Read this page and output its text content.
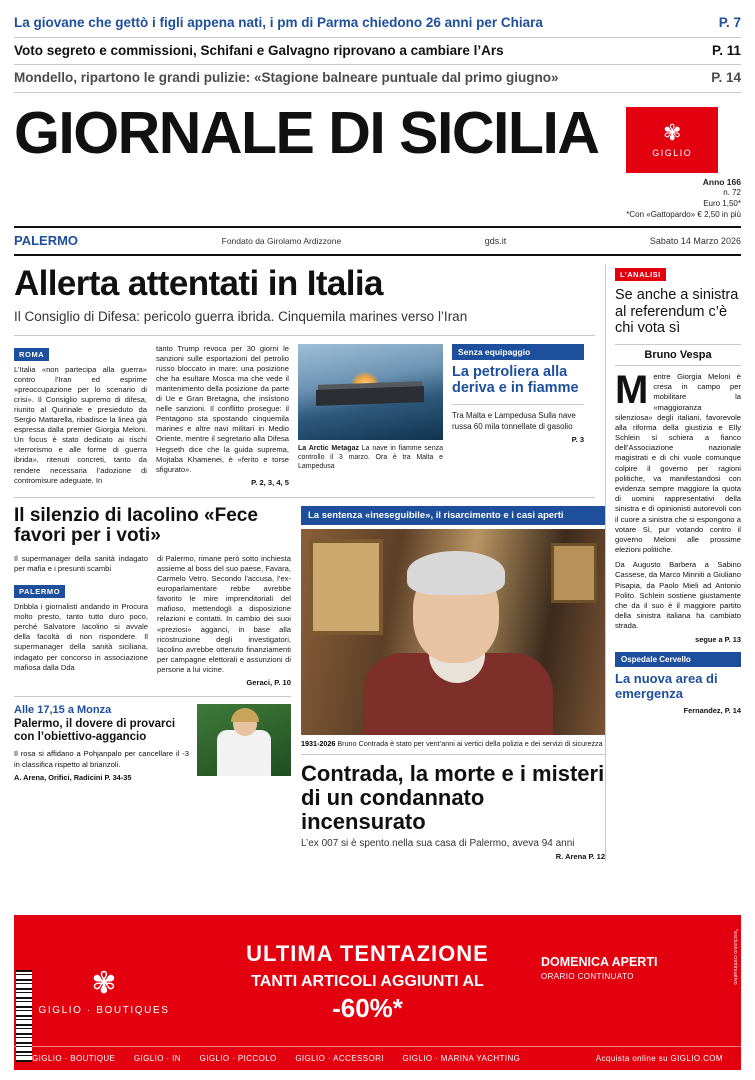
La giovane che gettò i figli appena nati, i pm di Parma chiedono 26 anni per Chiara	P. 7
Voto segreto e commissioni, Schifani e Galvagno riprovano a cambiare l’Ars	P. 11
Mondello, ripartono le grandi pulizie: «Stagione balneare puntuale dal primo giugno»	P. 14
GIORNALE DI SICILIA	✾
GIGLIO
Anno 166
n. 72
Euro 1,50*
*Con «Gattopardo» € 2,50 in più
PALERMO	Fondato da Girolamo Ardizzone	gds.it	Sabato 14 Marzo 2026
Allerta attentati in Italia
Il Consiglio di Difesa: pericolo guerra ibrida. Cinquemila marines verso l’Iran
ROMA
L’Italia «non partecipa alla guerra» contro l’Iran ed esprime «preoccupazione per lo scenario di crisi». Il Consiglio supremo di difesa, riunito al Quirinale e presieduto da Sergio Mattarella, ribadisce la linea già espressa dalla premier Giorgia Meloni. Un focus è stato dedicato ai rischi «terrorismo e alle forme di guerra ibrida», ritenuti concreti, tanto da rendere necessaria l’adozione di contromisure adeguate. In
tanto Trump revoca per 30 giorni le sanzioni sulle esportazioni del petrolio russo bloccato in mare: una posizione che ha esultare Mosca ma che vede il mantenimento della posizione da parte di Ue e Gran Bretagna, che insistono nelle sanzioni. Il conflitto prosegue: il Pentagono sta spostando cinquemila marines e altre navi militari in Medio Oriente, mentre il segretario alla Difesa Hegseth dice che la guida suprema, Mojtaba Khamenei, è «ferito e torse sfigurato».
P. 2, 3, 4, 5
La Arctic Metagaz La nave in fiamme senza controllo il 3 marzo. Ora è tra Malta e Lampedusa
Senza equipaggio
La petroliera alla deriva e in fiamme
Tra Malta e Lampedusa Sulla nave russa 60 mila tonnellate di gasolio
P. 3
Il silenzio di Iacolino «Fece favori per i voti»
Il supermanager della sanità indagato per mafia e i presunti scambi
PALERMO
Dribbla i giornalisti andando in Procura molto presto, tanto tutto duro poco, perché Salvatore Iacolino si avvale della facoltà di non rispondere. Il supermanager della sanità siciliana, indagato per concorso in associazione mafiosa dalla Dda
di Palermo, rimane però sotto inchiesta assieme al boss del suo paese, Favara, Carmelo Vetro. Secondo l’accusa, l’ex-europarlamentare rebbe avrebbe favorito le mire imprenditoriali del mafioso, mettendogli a disposizione relazioni e contatti. In cambio dei suoi «preziosi» agganci, in base alla ricostruzione degli investigatori, Iacolino avrebbe ottenuto finanziamenti per campagne elettorali e assunzioni di persone a lui vicine.
Geraci, P. 10
Alle 17,15 a Monza
Palermo, il dovere di provarci con l’obiettivo-aggancio
Il rosa si affidano a Pohjanpalo per cancellare il -3 in classifica rispetto al brianzoli.
A. Arena, Orifici, Radicini P. 34-35
La sentenza «ineseguibile», il risarcimento e i casi aperti
1931-2026 Bruno Contrada è stato per vent’anni ai vertici della polizia e dei servizi di sicurezza
Contrada, la morte e i misteri di un condannato incensurato
L’ex 007 si è spento nella sua casa di Palermo, aveva 94 anni
R. Arena P. 12
L’ANALISI
Se anche a sinistra al referendum c’è chi vota sì
Bruno Vespa
M entre Giorgia Meloni è cresa in campo per mobilitare la «maggioranza silenziosa» degli italiani, favorevole alla riforma della giustizia e Elly Schlein si schiera a fianco dell’Associazione nazionale magistrati e di chi vuole comunque colpire il governo per ragioni politiche, va manifestandosi con evidenza sempre maggiore la quota di uomini rappresentativi della sinistra e di opinionisti autorevoli con il cuore a sinistra che si espongono a votare Sì, pur votando contro il governo Meloni alle prossime elezioni politiche.
Da Augusto Barbera a Sabino Cassese, da Marco Minniti a Giuliano Pisapia, da Paolo Mieli ad Antonio Polito. Schlein sostiene giustamente che da il suo è il maggiore partito della sinistra italiana ha cambiato strada.
segue a P. 13
Ospedale Cervello
La nuova area di emergenza
Fernandez, P. 14
✾
GIGLIO · BOUTIQUES
ULTIMA TENTAZIONE
TANTI ARTICOLI AGGIUNTI AL
-60%*
DOMENICA APERTI
ORARIO CONTINUATO
GIGLIO · BOUTIQUE GIGLIO · IN GIGLIO · PICCOLO GIGLIO · ACCESSORI GIGLIO · MARINA YACHTING	Acquista online su GIGLIO.COM
*esclusivo continuativo
